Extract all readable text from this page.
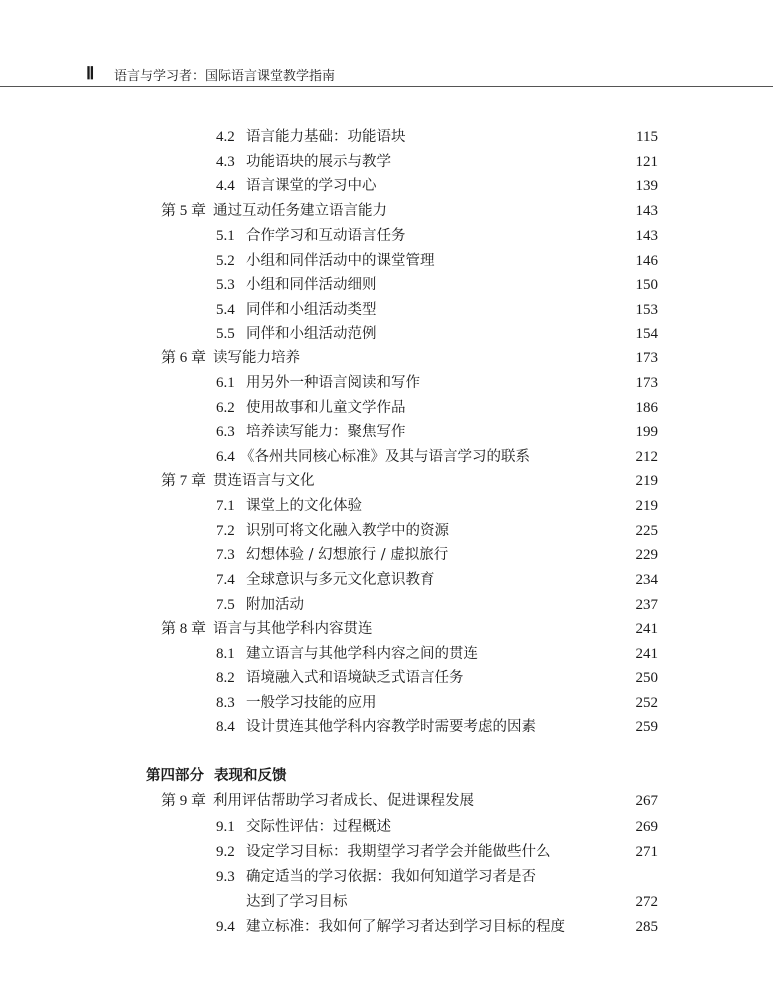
Ⅱ 语言与学习者：国际语言课堂教学指南
4.2 语言能力基础：功能语块	115
4.3 功能语块的展示与教学	121
4.4 语言课堂的学习中心	139
第 5 章 通过互动任务建立语言能力	143
5.1 合作学习和互动语言任务	143
5.2 小组和同伴活动中的课堂管理	146
5.3 小组和同伴活动细则	150
5.4 同伴和小组活动类型	153
5.5 同伴和小组活动范例	154
第 6 章 读写能力培养	173
6.1 用另外一种语言阅读和写作	173
6.2 使用故事和儿童文学作品	186
6.3 培养读写能力：聚焦写作	199
6.4 《各州共同核心标准》及其与语言学习的联系	212
第 7 章 贯连语言与文化	219
7.1 课堂上的文化体验	219
7.2 识别可将文化融入教学中的资源	225
7.3 幻想体验 / 幻想旅行 / 虚拟旅行	229
7.4 全球意识与多元文化意识教育	234
7.5 附加活动	237
第 8 章 语言与其他学科内容贯连	241
8.1 建立语言与其他学科内容之间的贯连	241
8.2 语境融入式和语境缺乏式语言任务	250
8.3 一般学习技能的应用	252
8.4 设计贯连其他学科内容教学时需要考虑的因素	259
第四部分 表现和反馈
第 9 章 利用评估帮助学习者成长、促进课程发展	267
9.1 交际性评估：过程概述	269
9.2 设定学习目标：我期望学习者学会并能做些什么	271
9.3 确定适当的学习依据：我如何知道学习者是否
达到了学习目标	272
9.4 建立标准：我如何了解学习者达到学习目标的程度	285
